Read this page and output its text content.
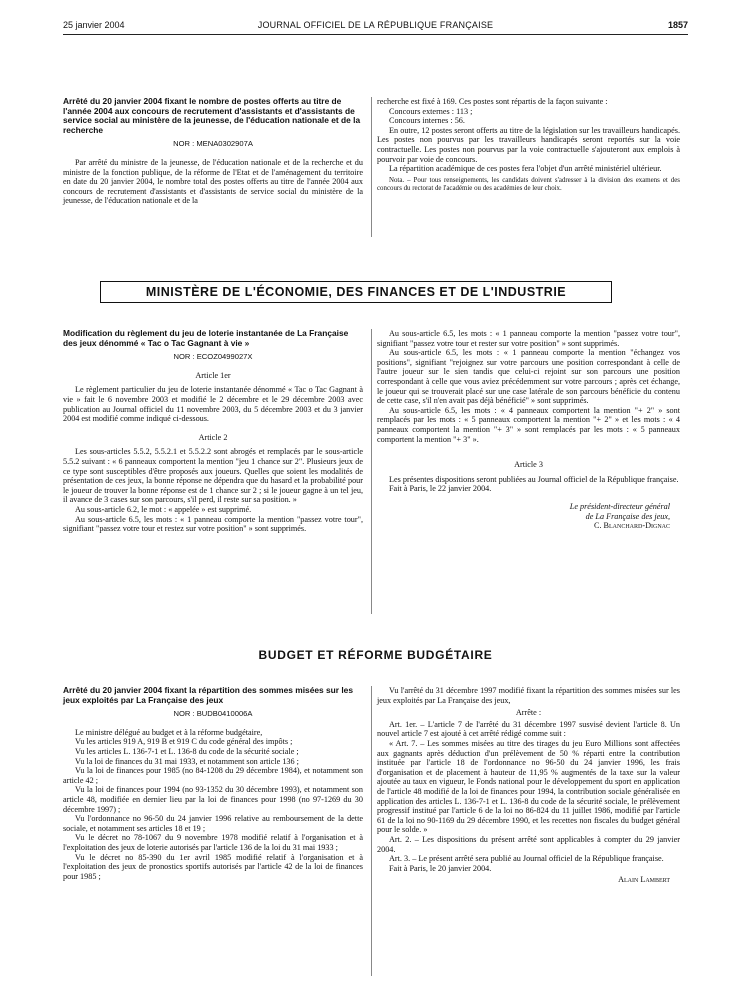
25 janvier 2004	JOURNAL OFFICIEL DE LA RÉPUBLIQUE FRANÇAISE	1857
Arrêté du 20 janvier 2004 fixant le nombre de postes offerts au titre de l'année 2004 aux concours de recrutement d'assistants et d'assistants de service social au ministère de la jeunesse, de l'éducation nationale et de la recherche
NOR : MENA0302907A

Par arrêté du ministre de la jeunesse, de l'éducation nationale et de la recherche et du ministre de la fonction publique, de la réforme de l'Etat et de l'aménagement du territoire en date du 20 janvier 2004, le nombre total des postes offerts au titre de l'année 2004 aux concours de recrutement d'assistants et d'assistants de service social du ministère de la jeunesse, de l'éducation nationale et de la

recherche est fixé à 169. Ces postes sont répartis de la façon suivante :

Concours externes : 113 ;

Concours internes : 56.

En outre, 12 postes seront offerts au titre de la législation sur les travailleurs handicapés. Les postes non pourvus par les travailleurs handicapés seront reportés sur la voie contractuelle. Les postes non pourvus par la voie contractuelle s'ajouteront aux emplois à pourvoir par voie de concours.

La répartition académique de ces postes fera l'objet d'un arrêté ministériel ultérieur.

Nota. – Pour tous renseignements, les candidats doivent s'adresser à la division des examens et des concours du rectorat de l'académie ou des académies de leur choix.

MINISTÈRE DE L'ÉCONOMIE, DES FINANCES ET DE L'INDUSTRIE
Modification du règlement du jeu de loterie instantanée de La Française des jeux dénommé « Tac o Tac Gagnant à vie »
NOR : ECOZ0499027X
Article 1er

Le règlement particulier du jeu de loterie instantanée dénommé « Tac o Tac Gagnant à vie » fait le 6 novembre 2003 et modifié le 2 décembre et le 29 décembre 2003 avec publication au Journal officiel du 11 novembre 2003, du 5 décembre 2003 et du 3 janvier 2004 est modifié comme indiqué ci-dessous.

Article 2

Les sous-articles 5.5.2, 5.5.2.1 et 5.5.2.2 sont abrogés et remplacés par le sous-article 5.5.2 suivant : « 6 panneaux comportent la mention "jeu 1 chance sur 2". Plusieurs jeux de ce type sont susceptibles d'être proposés aux joueurs. Quelles que soient les modalités de présentation de ces jeux, la bonne réponse ne dépendra que du hasard et la probabilité pour le joueur de trouver la bonne réponse est de 1 chance sur 2 ; si le joueur gagne à un tel jeu, il avance de 3 cases sur son parcours, s'il perd, il reste sur sa position. »

Au sous-article 6.2, le mot : « appelée » est supprimé.

Au sous-article 6.5, les mots : « 1 panneau comporte la mention "passez votre tour", signifiant "passez votre tour et restez sur votre position" » sont supprimés.

Au sous-article 6.5, les mots : « 1 panneau comporte la mention "passez votre tour", signifiant "passez votre tour et rester sur votre position" » sont supprimés.

Au sous-article 6.5, les mots : « 1 panneau comporte la mention "échangez vos positions", signifiant "rejoignez sur votre parcours une position correspondant à celle de l'autre joueur sur le sien tandis que celui-ci rejoint sur son parcours une position correspondant à celle que vous aviez précédemment sur votre parcours ; après cet échange, le joueur qui se trouverait placé sur une case latérale de son parcours bénéficie du contenu de cette case, s'il n'en avait pas déjà bénéficié" » sont supprimés.

Au sous-article 6.5, les mots : « 4 panneaux comportent la mention "+ 2" » sont remplacés par les mots : « 5 panneaux comportent la mention "+ 2" » et les mots : « 4 panneaux comportent la mention "+ 3" » sont remplacés par les mots : « 5 panneaux comportent la mention "+ 3" ».

Article 3

Les présentes dispositions seront publiées au Journal officiel de la République française.

Fait à Paris, le 22 janvier 2004.

Le président-directeur général
de La Française des jeux,
C. Blanchard-Dignac
BUDGET ET RÉFORME BUDGÉTAIRE
Arrêté du 20 janvier 2004 fixant la répartition des sommes misées sur les jeux exploités par La Française des jeux
NOR : BUDB0410006A

Le ministre délégué au budget et à la réforme budgétaire,

Vu les articles 919 A, 919 B et 919 C du code général des impôts ;

Vu les articles L. 136-7-1 et L. 136-8 du code de la sécurité sociale ;

Vu la loi de finances du 31 mai 1933, et notamment son article 136 ;

Vu la loi de finances pour 1985 (no 84-1208 du 29 décembre 1984), et notamment son article 42 ;

Vu la loi de finances pour 1994 (no 93-1352 du 30 décembre 1993), et notamment son article 48, modifiée en dernier lieu par la loi de finances pour 1998 (no 97-1269 du 30 décembre 1997) ;

Vu l'ordonnance no 96-50 du 24 janvier 1996 relative au remboursement de la dette sociale, et notamment ses articles 18 et 19 ;

Vu le décret no 78-1067 du 9 novembre 1978 modifié relatif à l'organisation et à l'exploitation des jeux de loterie autorisés par l'article 136 de la loi du 31 mai 1933 ;

Vu le décret no 85-390 du 1er avril 1985 modifié relatif à l'organisation et à l'exploitation des jeux de pronostics sportifs autorisés par l'article 42 de la loi de finances pour 1985 ;

Vu l'arrêté du 31 décembre 1997 modifié fixant la répartition des sommes misées sur les jeux exploités par La Française des jeux,

Arrête :

Art. 1er. – L'article 7 de l'arrêté du 31 décembre 1997 susvisé devient l'article 8. Un nouvel article 7 est ajouté à cet arrêté rédigé comme suit :

« Art. 7. – Les sommes misées au titre des tirages du jeu Euro Millions sont affectées aux gagnants après déduction d'un prélèvement de 50 % réparti entre la contribution instituée par l'article 18 de l'ordonnance no 96-50 du 24 janvier 1996, les frais d'organisation et de placement à hauteur de 11,95 % augmentés de la taxe sur la valeur ajoutée au taux en vigueur, le Fonds national pour le développement du sport en application de l'article 48 modifié de la loi de finances pour 1994, la contribution sociale généralisée en application des articles L. 136-7-1 et L. 136-8 du code de la sécurité sociale, le prélèvement progressif institué par l'article 6 de la loi no 86-824 du 11 juillet 1986, modifié par l'article 61 de la loi no 90-1169 du 29 décembre 1990, et les recettes non fiscales du budget général pour le solde. »

Art. 2. – Les dispositions du présent arrêté sont applicables à compter du 29 janvier 2004.

Art. 3. – Le présent arrêté sera publié au Journal officiel de la République française.

Fait à Paris, le 20 janvier 2004.

Alain Lambert
